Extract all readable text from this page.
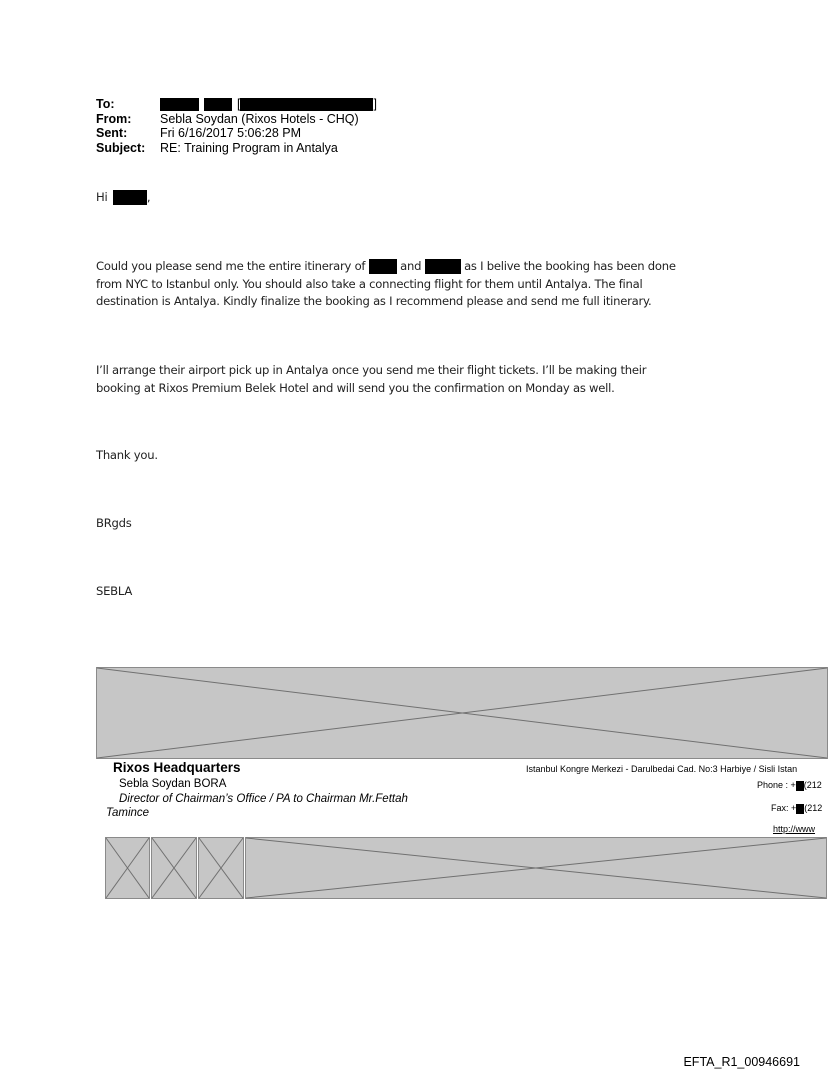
To:	[	]
From:	Sebla Soydan (Rixos Hotels - CHQ)
Sent:	Fri 6/16/2017 5:06:28 PM
Subject:	RE: Training Program in Antalya
Hi	,
Could you please send me the entire itinerary of	and	as I belive the booking has been done
from NYC to Istanbul only. You should also take a connecting flight for them until Antalya. The final
destination is Antalya. Kindly finalize the booking as I recommend please and send me full itinerary.
I’ll arrange their airport pick up in Antalya once you send me their flight tickets. I’ll be making their
booking at Rixos Premium Belek Hotel and will send you the confirmation on Monday as well.
Thank you.
BRgds
SEBLA
Rixos Headquarters
Sebla Soydan BORA
Director of Chairman’s Office / PA to Chairman Mr.Fettah
Tamince
Istanbul Kongre Merkezi - Darulbedai Cad. No:3 Harbiye / Sisli Istan
Phone : + (212
Fax: + (212
http://www
EFTA_R1_00946691
